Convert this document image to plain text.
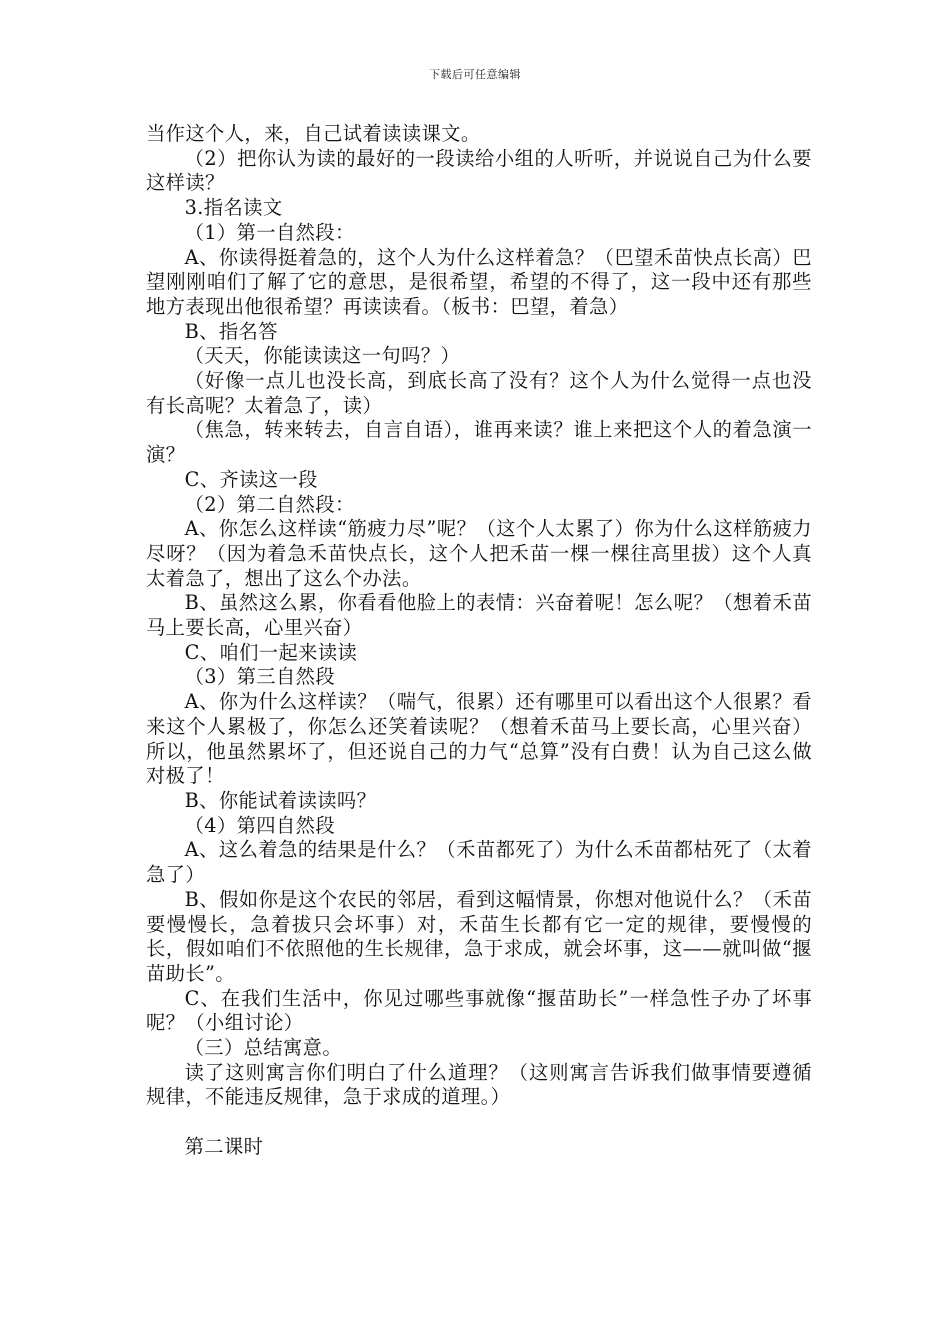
下载后可任意编辑

当作这个人，来，自己试着读读课文。

（2）把你认为读的最好的一段读给小组的人听听，并说说自己为什么要这样读？

3.指名读文

（1）第一自然段：

A、你读得挺着急的，这个人为什么这样着急？（巴望禾苗快点长高）巴望刚刚咱们了解了它的意思，是很希望，希望的不得了，这一段中还有那些地方表现出他很希望？再读读看。（板书：巴望，着急）

B、指名答

（天天，你能读读这一句吗？）

（好像一点儿也没长高，到底长高了没有？这个人为什么觉得一点也没有长高呢？太着急了，读）

（焦急，转来转去，自言自语），谁再来读？谁上来把这个人的着急演一演？

C、齐读这一段

（2）第二自然段：

A、你怎么这样读“筋疲力尽”呢？（这个人太累了）你为什么这样筋疲力尽呀？（因为着急禾苗快点长，这个人把禾苗一棵一棵往高里拔）这个人真太着急了，想出了这么个办法。

B、虽然这么累，你看看他脸上的表情：兴奋着呢！怎么呢？（想着禾苗马上要长高，心里兴奋）

C、咱们一起来读读

（3）第三自然段

A、你为什么这样读？（喘气，很累）还有哪里可以看出这个人很累？看来这个人累极了，你怎么还笑着读呢？（想着禾苗马上要长高，心里兴奋）所以，他虽然累坏了，但还说自己的力气“总算”没有白费！认为自己这么做对极了！

B、你能试着读读吗？

（4）第四自然段

A、这么着急的结果是什么？（禾苗都死了）为什么禾苗都枯死了（太着急了）

B、假如你是这个农民的邻居，看到这幅情景，你想对他说什么？（禾苗要慢慢长，急着拔只会坏事）对，禾苗生长都有它一定的规律，要慢慢的长，假如咱们不依照他的生长规律，急于求成，就会坏事，这——就叫做“揠苗助长”。

C、在我们生活中，你见过哪些事就像“揠苗助长”一样急性子办了坏事呢？（小组讨论）

（三）总结寓意。

读了这则寓言你们明白了什么道理？（这则寓言告诉我们做事情要遵循规律，不能违反规律，急于求成的道理。）

第二课时
